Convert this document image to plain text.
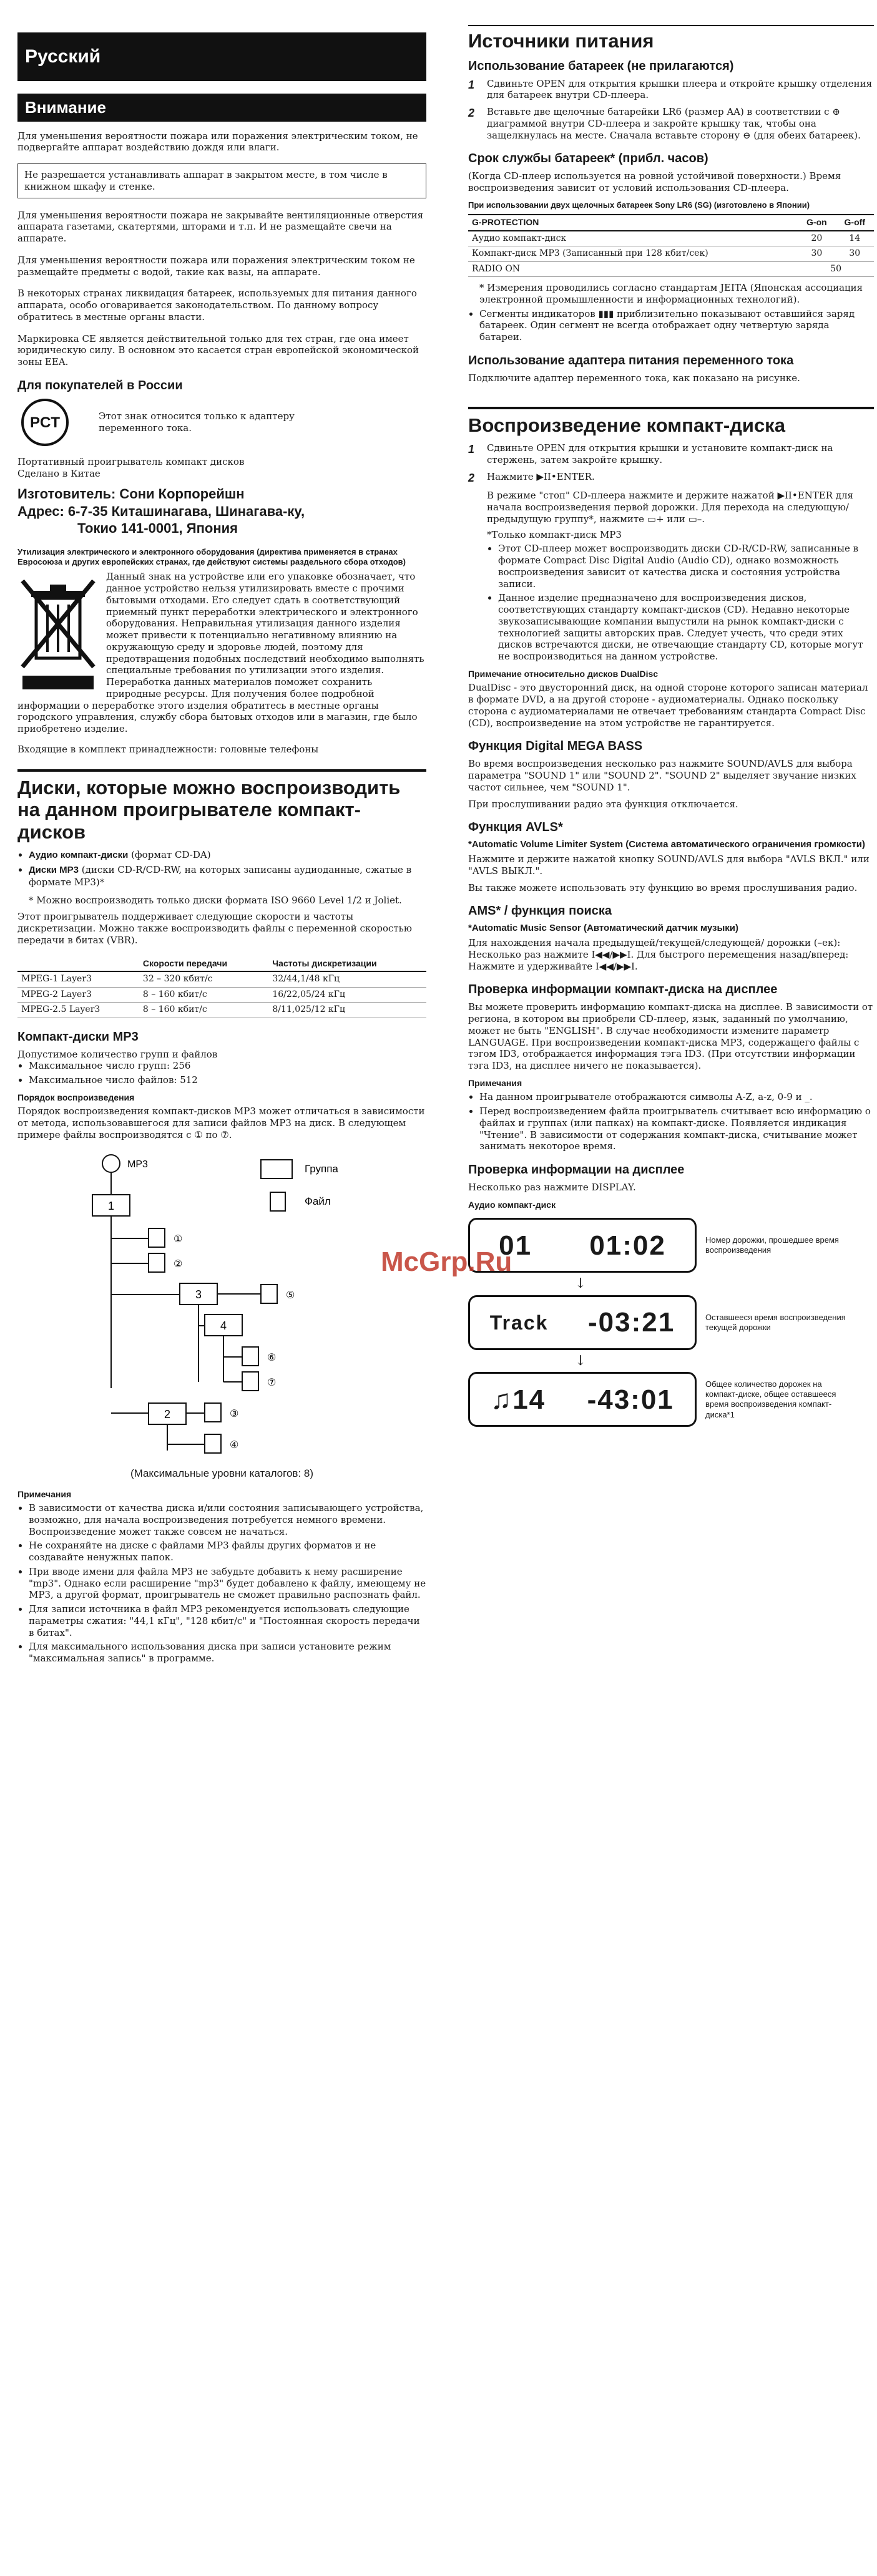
Русский
Внимание

Для уменьшения вероятности пожара или поражения электрическим током, не подвергайте аппарат воздействию дождя или влаги.

Не разрешается устанавливать аппарат в закрытом месте, в том числе в книжном шкафу и стенке.

Для уменьшения вероятности пожара не закрывайте вентиляционные отверстия аппарата газетами, скатертями, шторами и т.п. И не размещайте свечи на аппарате.

Для уменьшения вероятности пожара или поражения электрическим током не размещайте предметы с водой, такие как вазы, на аппарате.

В некоторых странах ликвидация батареек, используемых для питания данного аппарата, особо оговаривается законодательством. По данному вопросу обратитесь в местные органы власти.

Маркировка CE является действительной только для тех стран, где она имеет юридическую силу. В основном это касается стран европейской экономической зоны EEA.

Для покупателей в России
PCT	Этот знак относится только к адаптеру переменного тока.
Портативный проигрыватель компакт дисков
Сделано в Китае
Изготовитель: Сони Корпорейшн
Адрес: 6-7-35 Киташинагава, Шинагава-ку,
Токио 141-0001, Япония
Утилизация электрического и электронного оборудования (директива применяется в странах Евросоюза и других европейских странах, где действуют системы раздельного сбора отходов)
Данный знак на устройстве или его упаковке обозначает, что данное устройство нельзя утилизировать вместе с прочими бытовыми отходами. Его следует сдать в соответствующий приемный пункт переработки электрического и электронного оборудования. Неправильная утилизация данного изделия может привести к потенциально негативному влиянию на окружающую среду и здоровье людей, поэтому для предотвращения подобных последствий необходимо выполнять специальные требования по утилизации этого изделия. Переработка данных материалов поможет сохранить природные ресурсы. Для получения более подробной информации о переработке этого изделия обратитесь в местные органы городского управления, службу сбора бытовых отходов или в магазин, где было приобретено изделие.
Входящие в комплект принадлежности: головные телефоны
Диски, которые можно воспроизводить на данном проигрывателе компакт-дисков
• Аудио компакт-диски (формат CD-DA)
• Диски MP3 (диски CD-R/CD-RW, на которых записаны аудиоданные, сжатые в формате MP3)*
* Можно воспроизводить только диски формата ISO 9660 Level 1/2 и Joliet.

Этот проигрыватель поддерживает следующие скорости и частоты дискретизации. Можно также воспроизводить файлы с переменной скоростью передачи в битах (VBR).

	Скорости передачи	Частоты дискретизации
MPEG-1 Layer3	32 – 320 кбит/с	32/44,1/48 кГц
MPEG-2 Layer3	8 – 160 кбит/с	16/22,05/24 кГц
MPEG-2.5 Layer3	8 – 160 кбит/с	8/11,025/12 кГц
Компакт-диски MP3
Допустимое количество групп и файлов
• Максимальное число групп: 256
• Максимальное число файлов: 512
Порядок воспроизведения

Порядок воспроизведения компакт-дисков MP3 может отличаться в зависимости от метода, использовавшегося для записи файлов MP3 на диск. В следующем примере файлы воспроизводятся с ① по ⑦.

MP3
1
3
4
2
①
②
⑤
⑥
⑦
③
④
Группа
Файл
(Максимальные уровни каталогов: 8)
Примечания
• В зависимости от качества диска и/или состояния записывающего устройства, возможно, для начала воспроизведения потребуется немного времени. Воспроизведение может также совсем не начаться.
• Не сохраняйте на диске с файлами MP3 файлы других форматов и не создавайте ненужных папок.
• При вводе имени для файла MP3 не забудьте добавить к нему расширение "mp3". Однако если расширение "mp3" будет добавлено к файлу, имеющему не MP3, а другой формат, проигрыватель не сможет правильно распознать файл.
• Для записи источника в файл MP3 рекомендуется использовать следующие параметры сжатия: "44,1 кГц", "128 кбит/с" и "Постоянная скорость передачи в битах".
• Для максимального использования диска при записи установите режим "максимальная запись" в программе.
Источники питания
Использование батареек (не прилагаются)
1	Сдвиньте OPEN для открытия крышки плеера и откройте крышку отделения для батареек внутри CD-плеера.
2	Вставьте две щелочные батарейки LR6 (размер AA) в соответствии с ⊕ диаграммой внутри CD-плеера и закройте крышку так, чтобы она защелкнулась на месте. Сначала вставьте сторону ⊖ (для обеих батареек).
Срок службы батареек* (прибл. часов)

(Когда CD-плеер используется на ровной устойчивой поверхности.) Время воспроизведения зависит от условий использования CD-плеера.

При использовании двух щелочных батареек Sony LR6 (SG) (изготовлено в Японии)
G-PROTECTION	G-on	G-off
Аудио компакт-диск	20	14
Компакт-диск MP3 (Записанный при 128 кбит/сек)	30	30
RADIO ON	50	
* Измерения проводились согласно стандартам JEITA (Японская ассоциация электронной промышленности и информационных технологий).
• Сегменты индикаторов ▮▮▮ приблизительно показывают оставшийся заряд батареек. Один сегмент не всегда отображает одну четвертую заряда батареи.
Использование адаптера питания переменного тока

Подключите адаптер переменного тока, как показано на рисунке.

Воспроизведение компакт-диска
1	Сдвиньте OPEN для открытия крышки и установите компакт-диск на стержень, затем закройте крышку.
2	Нажмите ▶II•ENTER.
В режиме "стоп" CD-плеера нажмите и держите нажатой ▶II•ENTER для начала воспроизведения первой дорожки. Для перехода на следующую/предыдущую группу*, нажмите ▭+ или ▭–.
*Только компакт-диск MP3
• Этот CD-плеер может воспроизводить диски CD-R/CD-RW, записанные в формате Compact Disc Digital Audio (Audio CD), однако возможность воспроизведения зависит от качества диска и состояния устройства записи.
• Данное изделие предназначено для воспроизведения дисков, соответствующих стандарту компакт-дисков (CD). Недавно некоторые звукозаписывающие компании выпустили на рынок компакт-диски с технологией защиты авторских прав. Следует учесть, что среди этих дисков встречаются диски, не отвечающие стандарту CD, которые могут не воспроизводиться на данном устройстве.
Примечание относительно дисков DualDisc

DualDisc - это двусторонний диск, на одной стороне которого записан материал в формате DVD, а на другой стороне - аудиоматериалы. Однако поскольку сторона с аудиоматериалами не отвечает требованиям стандарта Compact Disc (CD), воспроизведение на этом устройстве не гарантируется.

Функция Digital MEGA BASS

Во время воспроизведения несколько раз нажмите SOUND/AVLS для выбора параметра "SOUND 1" или "SOUND 2". "SOUND 2" выделяет звучание низких частот сильнее, чем "SOUND 1".

При прослушивании радио эта функция отключается.

Функция AVLS*
*Automatic Volume Limiter System (Система автоматического ограничения громкости)

Нажмите и держите нажатой кнопку SOUND/AVLS для выбора "AVLS ВКЛ." или "AVLS ВЫКЛ.".

Вы также можете использовать эту функцию во время прослушивания радио.

AMS* / функция поиска
*Automatic Music Sensor (Автоматический датчик музыки)

Для нахождения начала предыдущей/текущей/следующей/ дорожки (–ек): Несколько раз нажмите I◀◀/▶▶I. Для быстрого перемещения назад/вперед: Нажмите и удерживайте I◀◀/▶▶I.

Проверка информации компакт-диска на дисплее

Вы можете проверить информацию компакт-диска на дисплее. В зависимости от региона, в котором вы приобрели CD-плеер, язык, заданный по умолчанию, может не быть "ENGLISH". В случае необходимости измените параметр LANGUAGE. При воспроизведении компакт-диска MP3, содержащего файлы с тэгом ID3, отображается информация тэга ID3. (При отсутствии информации тэга ID3, на дисплее ничего не показывается).

Примечания
• На данном проигрывателе отображаются символы A-Z, a-z, 0-9 и _.
• Перед воспроизведением файла проигрыватель считывает всю информацию о файлах и группах (или папках) на компакт-диске. Появляется индикация "Чтение". В зависимости от содержания компакт-диска, считывание может занимать некоторое время.
Проверка информации на дисплее

Несколько раз нажмите DISPLAY.

Аудио компакт-диск
01 01:02	Номер дорожки, прошедшее время воспроизведения
↓
Track -03:21	Оставшееся время воспроизведения текущей дорожки
↓
♫14 -43:01
Общее количество дорожек на компакт-диске, общее оставшееся время воспроизведения компакт-диска*1
McGrp.Ru
